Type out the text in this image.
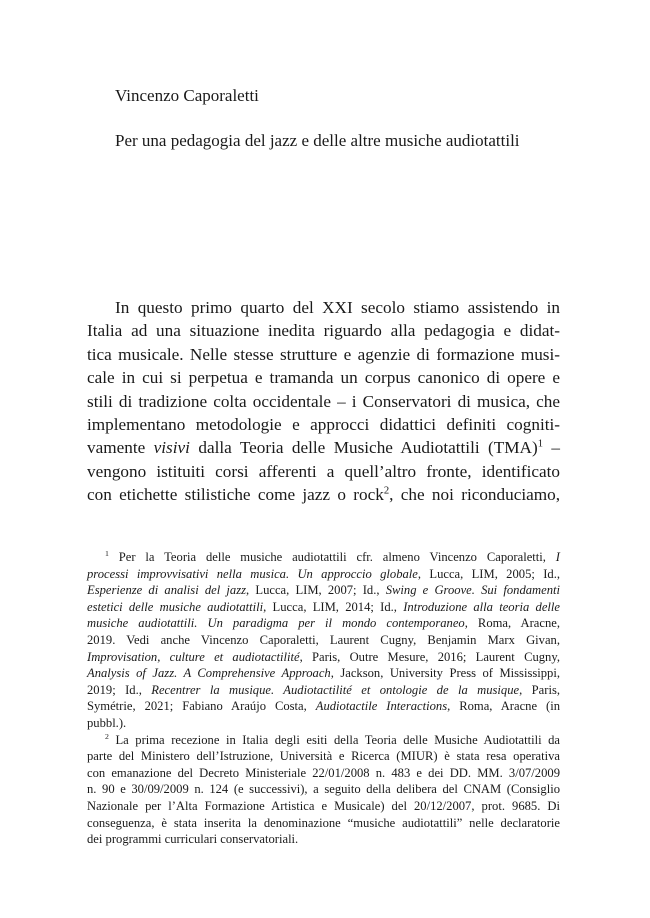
Vincenzo Caporaletti

Per una pedagogia del jazz e delle altre musiche audiotattili

In questo primo quarto del XXI secolo stiamo assistendo in
Italia ad una situazione inedita riguardo alla pedagogia e didat-
tica musicale. Nelle stesse strutture e agenzie di formazione musi-
cale in cui si perpetua e tramanda un corpus canonico di opere e
stili di tradizione colta occidentale – i Conservatori di musica, che
implementano metodologie e approcci didattici definiti cogniti-
vamente visivi dalla Teoria delle Musiche Audiotattili (TMA)$^1$ –
vengono istituiti corsi afferenti a quell’altro fronte, identificato
con etichette stilistiche come jazz o rock$^2$, che noi riconduciamo,
$^1$ Per la Teoria delle musiche audiotattili cfr. almeno Vincenzo Caporaletti, I
processi improvvisativi nella musica. Un approccio globale, Lucca, LIM, 2005; Id.,
Esperienze di analisi del jazz, Lucca, LIM, 2007; Id., Swing e Groove. Sui fondamenti
estetici delle musiche audiotattili, Lucca, LIM, 2014; Id., Introduzione alla teoria delle
musiche audiotattili. Un paradigma per il mondo contemporaneo, Roma, Aracne,
2019. Vedi anche Vincenzo Caporaletti, Laurent Cugny, Benjamin Marx Givan,
Improvisation, culture et audiotactilité, Paris, Outre Mesure, 2016; Laurent Cugny,
Analysis of Jazz. A Comprehensive Approach, Jackson, University Press of Mississippi,
2019; Id., Recentrer la musique. Audiotactilité et ontologie de la musique, Paris,
Symétrie, 2021; Fabiano Araújo Costa, Audiotactile Interactions, Roma, Aracne (in
pubbl.).
$^2$ La prima recezione in Italia degli esiti della Teoria delle Musiche Audiotattili da
parte del Ministero dell’Istruzione, Università e Ricerca (MIUR) è stata resa operativa
con emanazione del Decreto Ministeriale 22/01/2008 n. 483 e dei DD. MM. 3/07/2009
n. 90 e 30/09/2009 n. 124 (e successivi), a seguito della delibera del CNAM (Consiglio
Nazionale per l’Alta Formazione Artistica e Musicale) del 20/12/2007, prot. 9685. Di
conseguenza, è stata inserita la denominazione “musiche audiotattili” nelle declaratorie
dei programmi curriculari conservatoriali.
